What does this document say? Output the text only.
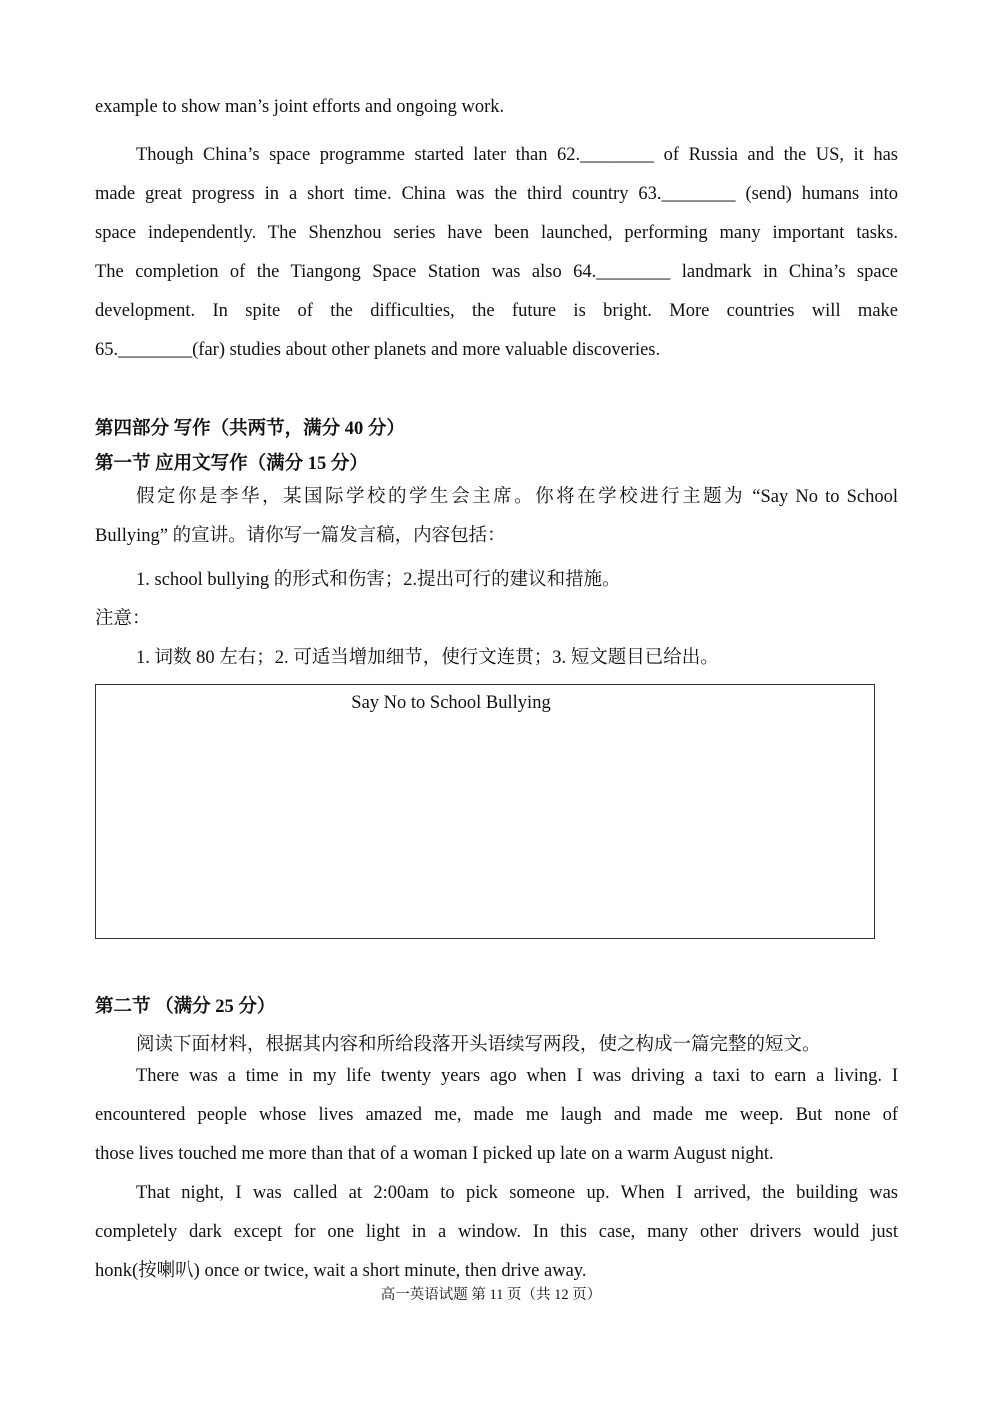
example to show man’s joint efforts and ongoing work.
Though China’s space programme started later than 62.________ of Russia and the US, it has
made great progress in a short time. China was the third country 63.________ (send) humans into
space independently. The Shenzhou series have been launched, performing many important tasks.
The completion of the Tiangong Space Station was also 64.________ landmark in China’s space
development. In spite of the difficulties, the future is bright. More countries will make
65.________(far) studies about other planets and more valuable discoveries.
第四部分 写作（共两节，满分 40 分）
第一节 应用文写作（满分 15 分）
假定你是李华，某国际学校的学生会主席。你将在学校进行主题为 “Say No to School
Bullying” 的宣讲。请你写一篇发言稿，内容包括：
1. school bullying 的形式和伤害；2.提出可行的建议和措施。
注意：
1. 词数 80 左右；2. 可适当增加细节，使行文连贯；3. 短文题目已给出。
Say No to School Bullying
第二节 （满分 25 分）
阅读下面材料，根据其内容和所给段落开头语续写两段，使之构成一篇完整的短文。
There was a time in my life twenty years ago when I was driving a taxi to earn a living. I
encountered people whose lives amazed me, made me laugh and made me weep. But none of
those lives touched me more than that of a woman I picked up late on a warm August night.
That night, I was called at 2:00am to pick someone up. When I arrived, the building was
completely dark except for one light in a window. In this case, many other drivers would just
honk(按喇叭) once or twice, wait a short minute, then drive away.
高一英语试题 第 11 页（共 12 页）
